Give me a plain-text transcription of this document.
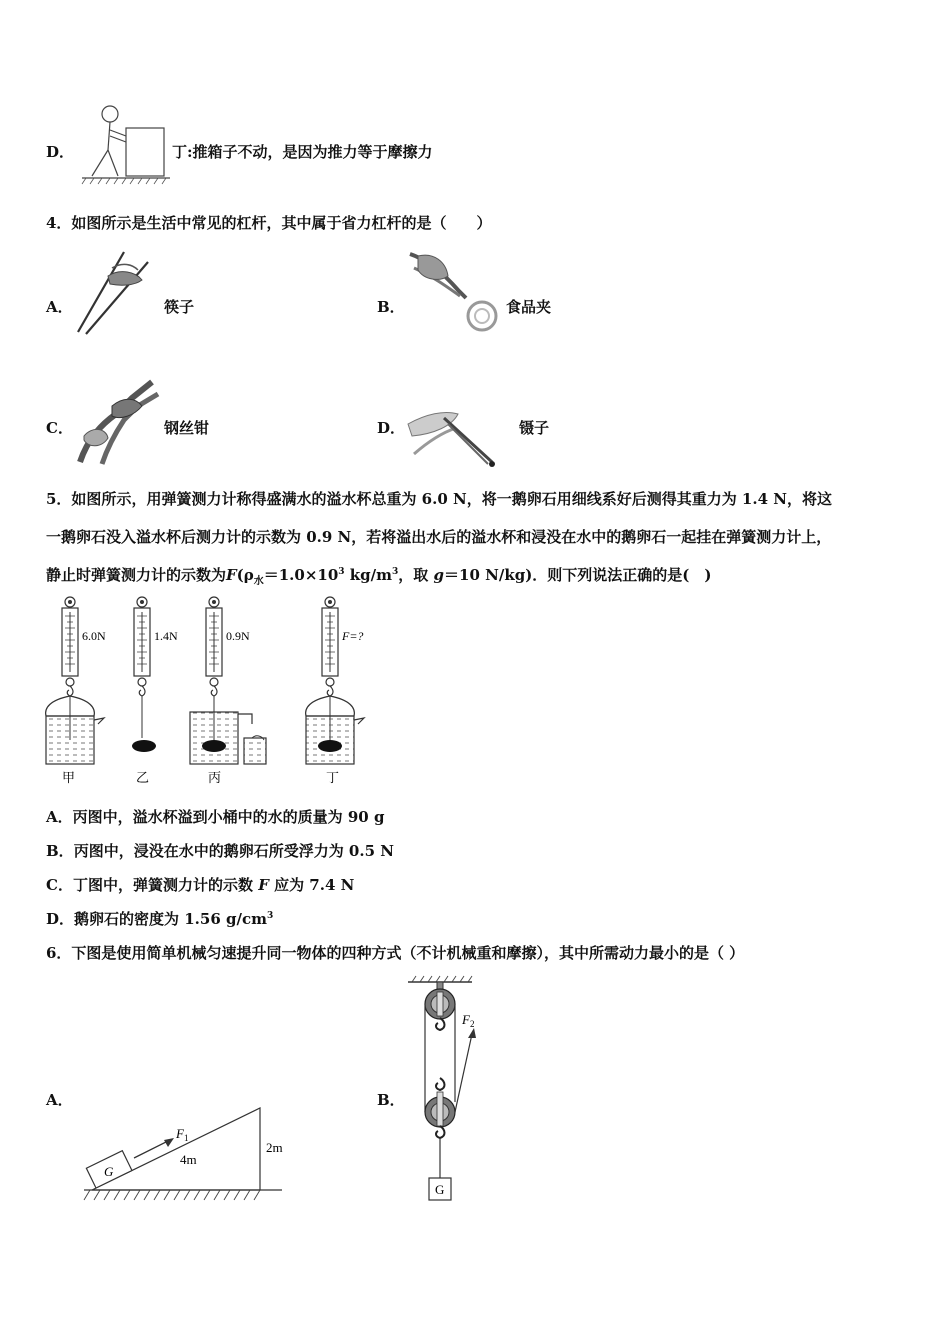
D．	丁:推箱子不动，是因为推力等于摩擦力
4．如图所示是生活中常见的杠杆，其中属于省力杠杆的是（　　）
A．	筷子	B．	食品夹
C．	钢丝钳	D．	镊子
5．如图所示，用弹簧测力计称得盛满水的溢水杯总重为 6.0 N，将一鹅卵石用细线系好后测得其重力为 1.4 N，将这
一鹅卵石没入溢水杯后测力计的示数为 0.9 N，若将溢出水后的溢水杯和浸没在水中的鹅卵石一起挂在弹簧测力计上，
静止时弹簧测力计的示数为$F(\rho_水=1.0\times 10^3$ $kg/m^3$，取 g＝10 N/kg)．则下列说法正确的是(　)
6.0N
甲
1.4N
乙
0.9N
丙
F=?
丁
A．丙图中，溢水杯溢到小桶中的水的质量为 90 g
B．丙图中，浸没在水中的鹅卵石所受浮力为 0.5 N
C．丁图中，弹簧测力计的示数 F 应为 7.4 N
D．鹅卵石的密度为 1.56 $g/cm^3$
6．下图是使用简单机械匀速提升同一物体的四种方式（不计机械重和摩擦），其中所需动力最小的是（ ）
A．
G
$F_1$
4m
2m
B．
$F_2$
G
